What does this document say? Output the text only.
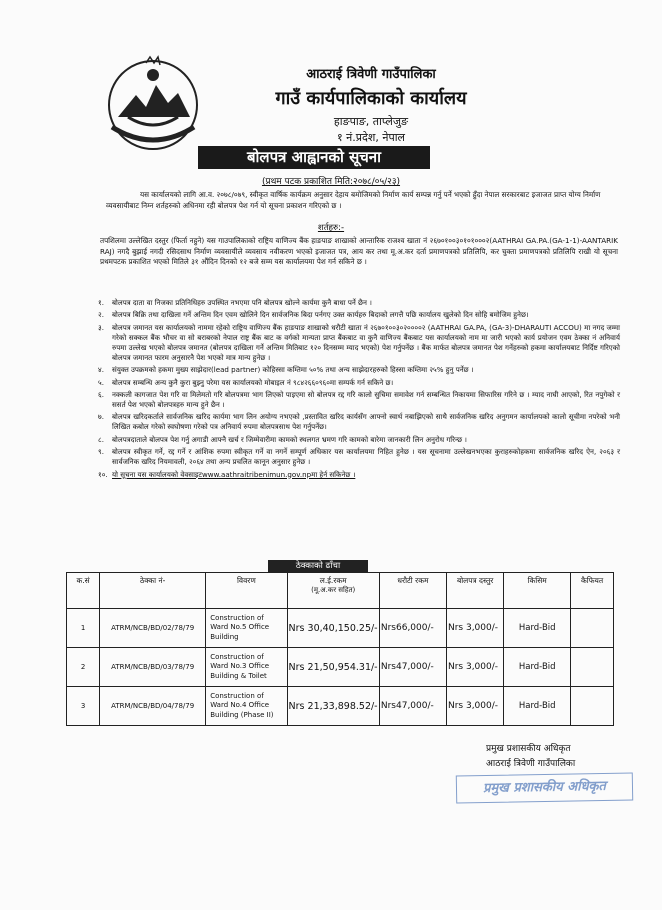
आठराई त्रिवेणी गाउँपालिका
गाउँ कार्यपालिकाको कार्यालय
हाङपाङ, ताप्लेजुङ
१ नं.प्रदेश, नेपाल
बोलपत्र आह्वानको सूचना
(प्रथम पटक प्रकाशित मिति:२०७८/०५/२३)
यस कार्यालयको लागि आ.व. २०७८/०७९, स्वीकृत वार्षिक कार्यक्रम अनुसार देहाय बमोजिमको निर्माण कार्य सम्पन्न गर्नु पर्ने भएको हुँदा नेपाल सरकारबाट इजाजत प्राप्त योग्य निर्माण व्यवसायीबाट निम्न शर्तहरुको अधिनमा रही बोलपत्र पेश गर्न यो सूचना प्रकाशन गरिएको छ ।
शर्तहरु:-
तपशिलमा उल्लेखित दस्तुर (फिर्ता नहुने) यस गाउपालिकाको राष्ट्रिय वाणिज्य बैंक हाङपाङ शाखाको आन्तारिक राजश्व खाता नं २६७०१००३०१०१०००२(AATHRAI GA.PA.(GA-1-1)-AANTARIK RAJ) नगदै बुझाई नगदी रसिदसाथ निर्माण व्यवसायीले व्यवसाय नवीकरण भएको इजाजत पत्र, आय कर तथा मू.अ.कर दर्ता प्रमाणपत्रको प्रतिलिपि, कर चुक्ता प्रमाणपत्रको प्रतिलिपि राखी यो सूचना प्रथमपटक प्रकाशित भएको मितिले ३१ औंदिन दिनको १२ बजे सम्म यस कार्यालयमा पेश गर्न सकिने छ ।
१.	बोलपत्र दाता वा निजका प्रतिनिधिहरु उपस्थित नभएमा पनि बोलपत्र खोल्ने कार्यमा कुनै बाधा पर्ने छैन ।
२.	बोलपत्र बिक्रि तथा दाखिला गर्ने अन्तिम दिन एवम खोलिने दिन सार्वजनिक बिदा पर्नगए उक्त कार्यहरु बिदाको लगत्तै पछि कार्यालय खुलेको दिन सोहि बमोजिम हुनेछ।
३.	बोलपत्र जमानत यस कार्यालयको नाममा रहेको राष्ट्रिय वाणिज्य बैंक हाङपाङ शाखाको धरौटी खाता नं २६७०१००३०२००००२ (AATHRAI GA.PA, (GA-3)-DHARAUTI ACCOU) मा नगद जम्मा गरेको सक्कल बैंक भौचर वा सो बराबरको नेपाल राष्ट्र बैंक बाट क वर्गको मान्यता प्राप्त बैंकबाट वा कुनै वाणिज्य बैंकबाट यस कार्यालयको नाम मा जारी भएको कार्य प्रयोजन एवम ठेक्का नं अनिवार्य रुपमा उल्लेख भएको बोलपत्र जमानत (बोलपत्र दाखिला गर्ने अन्तिम मितिबाट १२० दिनसम्म म्याद भएको) पेश गर्नुपर्नेछ । बैंक मार्फत बोलपत्र जमानत पेश गर्नेहरुको हकमा कार्यालयबाट निर्दिष्ट गरिएको बोलपत्र जमानत फारम अनुसारनै पेश भएको मात्र मान्य हुनेछ ।
४.	संयुक्त उपक्रमको हकमा मुख्य साझेदार(lead partner) कोहिस्सा कम्तिमा ५०% तथा अन्य साझेदारहरुको हिस्सा कम्तिमा २५% हुनु पर्नेछ ।
५.	बोलपत्र सम्बन्धि अन्य कुनै कुरा बुझ्नु परेमा यस कार्यालयको मोबाइल नं ९८४२६६०९६०मा सम्पर्क गर्न सकिने छ।
६.	नक्कली कागजात पेश गरि वा मिलेमतो गरि बोलपत्रमा भाग लिएको पाइएमा सो बोलपत्र रद्द गरि कालो सुचिमा समावेश गर्न सम्बन्धित निकायमा सिफारिस गरिने छ । म्याद नाघी आएको, रित नपुगेको र ससर्त पेश भएको बोलपत्रहरु मान्य हुने छैन ।
७.	बोलपत्र खरिदकर्ताले सार्वजनिक खरिद कार्यमा भाग लिन अयोग्य नभएको ,प्रस्तावित खरिद कार्यसँग आफ्नो स्वार्थ नबाझिएको साथै सार्वजनिक खरिद अनुगमन कार्यालयको कालो सूचीमा नपरेको भनी लिखित कबोल गरेको स्वघोषणा गरेको पत्र अनिवार्य रुपमा बोलपत्रसाथ पेश गर्नुपर्नेछ।
८.	बोलपत्रदाताले बोलपत्र पेश गर्नु अगाडी आफ्नै खर्च र जिम्मेवारीमा कामको स्थलगत भ्रमण गरि कामको बारेमा जानकारी लिन अनुरोध गरिन्छ ।
९.	बोलपत्र स्वीकृत गर्ने, रद्द गर्ने र आंशिक रुपमा स्वीकृत गर्ने वा नगर्ने सम्पूर्ण अधिकार यस कार्यालयमा निहित हुनेछ । यस सूचनामा उल्लेखनभएका कुराहरुकोहकमा सार्वजनिक खरिद ऐन, २०६३ र सार्वजनिक खरिद नियमावली, २०६४ तथा अन्य प्रचलित कानून अनुसार हुनेछ ।
१०. यो सूचना यस कार्यालयको वेवसाइटwww.aathraitribenimun.gov.npमा हेर्न सकिनेछ ।
ठेक्काको ढाँचा
क.सं	ठेक्का नं-	विवरण	ल.ई.रकम
(मू.अ.कर सहित)	धरौटी रकम	बोलपत्र दस्तुर	किसिम	कैफियत
1	ATRM/NCB/BD/02/78/79	Construction of Ward No.5 Office Building	Nrs 30,40,150.25/-	Nrs66,000/-	Nrs 3,000/-	Hard-Bid	
2	ATRM/NCB/BD/03/78/79	Construction of Ward No.3 Office Building & Toilet	Nrs 21,50,954.31/-	Nrs47,000/-	Nrs 3,000/-	Hard-Bid	
3	ATRM/NCB/BD/04/78/79	Construction of Ward No.4 Office Building (Phase II)	Nrs 21,33,898.52/-	Nrs47,000/-	Nrs 3,000/-	Hard-Bid	
प्रमुख प्रशासकीय अधिकृत
आठराई त्रिवेणी गाउँपालिका
प्रमुख प्रशासकीय अधिकृत
